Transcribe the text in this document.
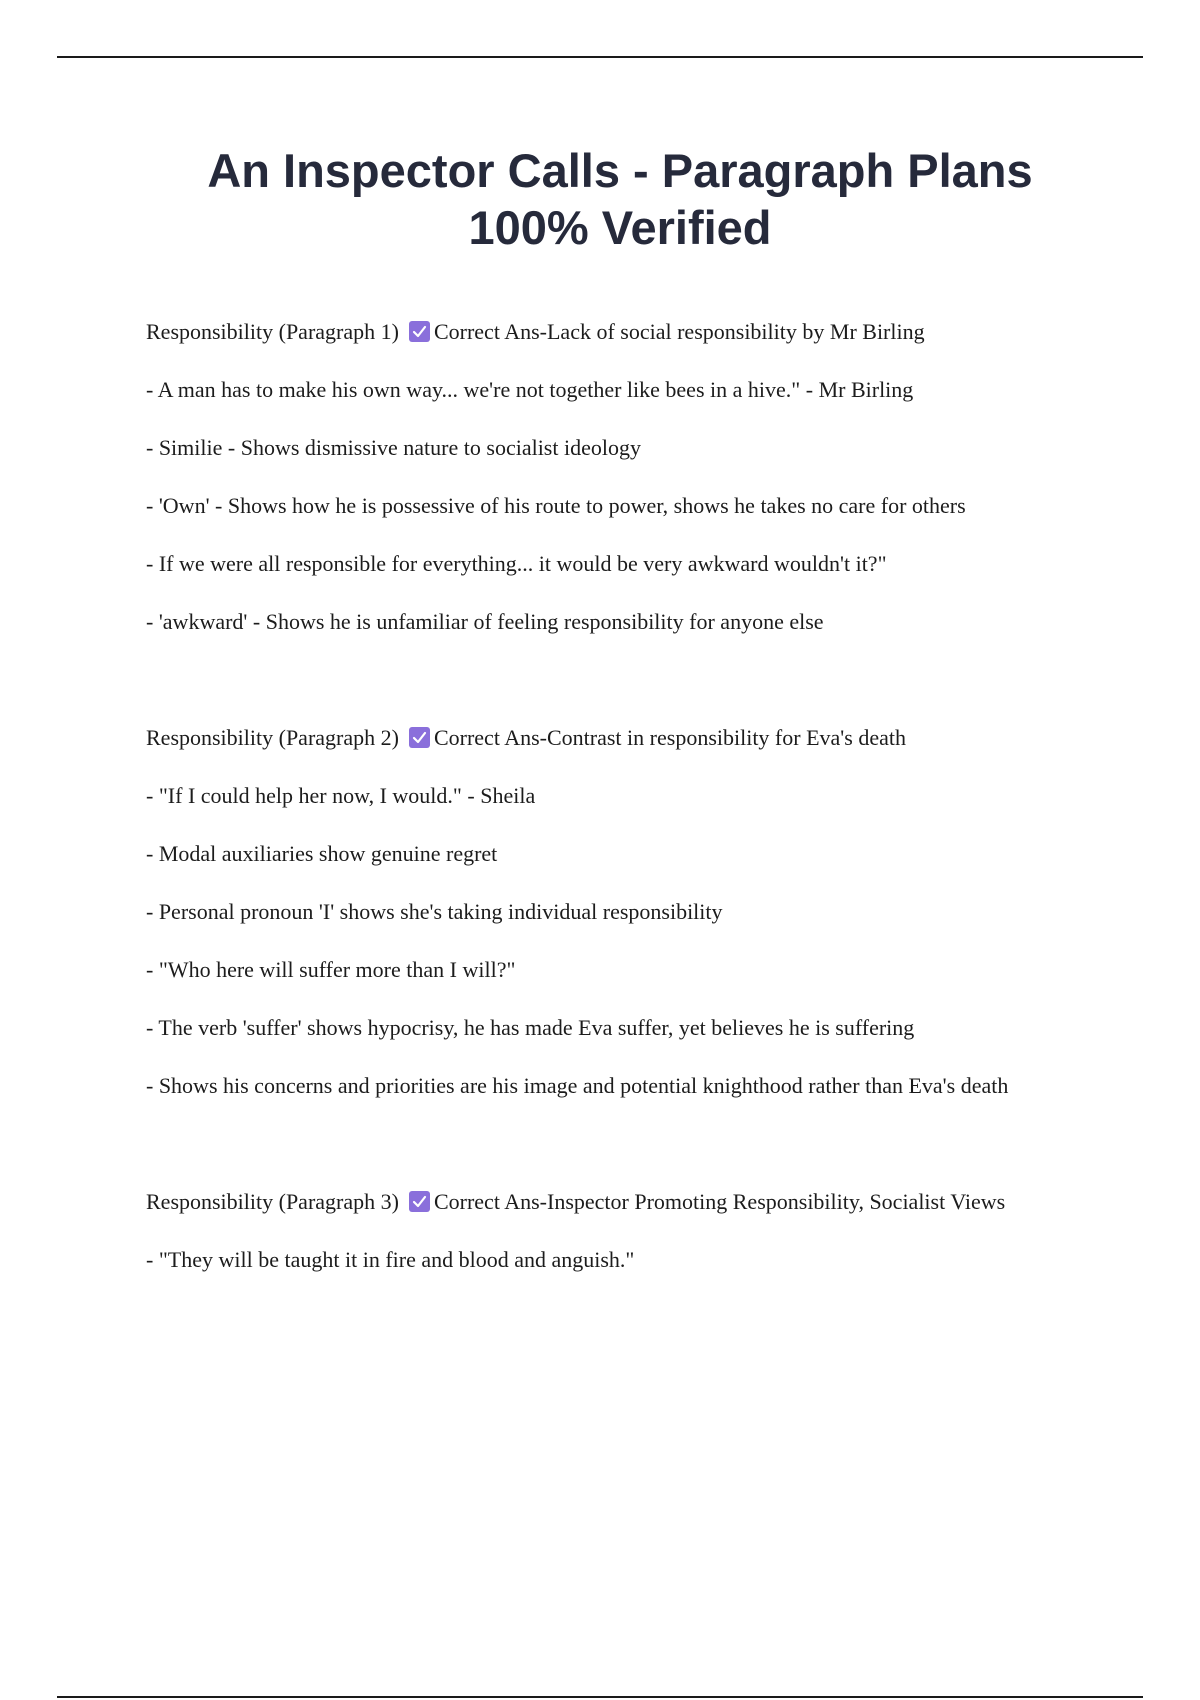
An Inspector Calls - Paragraph Plans
100% Verified

Responsibility (Paragraph 1) Correct Ans-Lack of social responsibility by Mr Birling

- A man has to make his own way... we're not together like bees in a hive." - Mr Birling

- Similie - Shows dismissive nature to socialist ideology

- 'Own' - Shows how he is possessive of his route to power, shows he takes no care for others

- If we were all responsible for everything... it would be very awkward wouldn't it?"

- 'awkward' - Shows he is unfamiliar of feeling responsibility for anyone else

Responsibility (Paragraph 2) Correct Ans-Contrast in responsibility for Eva's death

- "If I could help her now, I would." - Sheila

- Modal auxiliaries show genuine regret

- Personal pronoun 'I' shows she's taking individual responsibility

- "Who here will suffer more than I will?"

- The verb 'suffer' shows hypocrisy, he has made Eva suffer, yet believes he is suffering

- Shows his concerns and priorities are his image and potential knighthood rather than Eva's death

Responsibility (Paragraph 3) Correct Ans-Inspector Promoting Responsibility, Socialist Views

- "They will be taught it in fire and blood and anguish."
